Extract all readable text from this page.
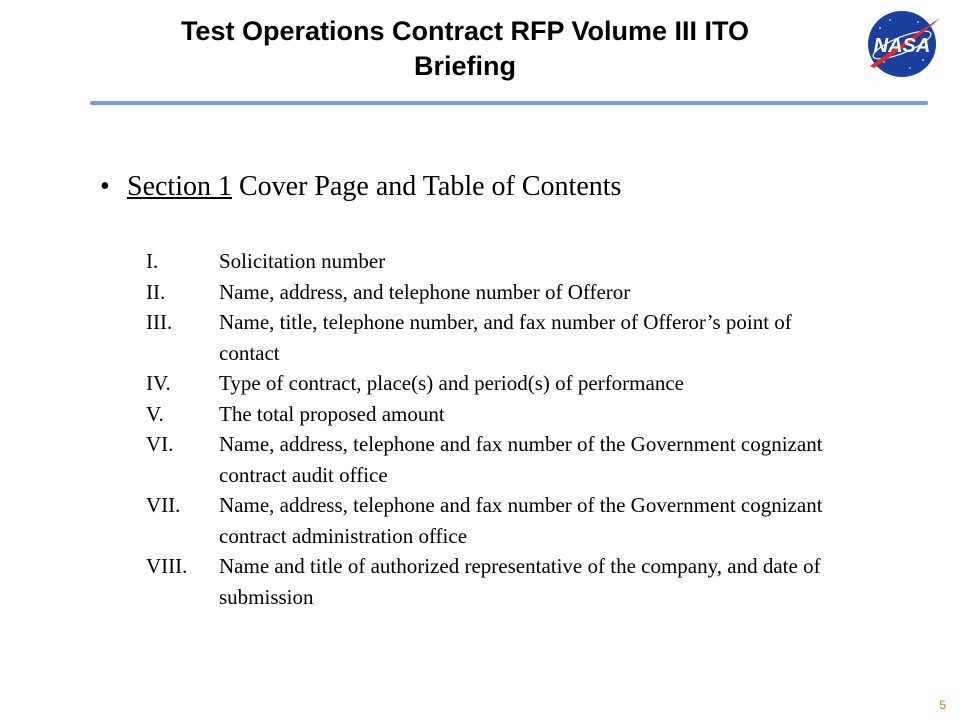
Test Operations Contract RFP Volume III ITO
Briefing
NASA
• Section 1 Cover Page and Table of Contents
I.	Solicitation number
II.	Name, address, and telephone number of Offeror
III.	Name, title, telephone number, and fax number of Offeror’s point of contact
IV.	Type of contract, place(s) and period(s) of performance
V.	The total proposed amount
VI.	Name, address, telephone and fax number of the Government cognizant contract audit office
VII.	Name, address, telephone and fax number of the Government cognizant contract administration office
VIII.	Name and title of authorized representative of the company, and date of submission
5
